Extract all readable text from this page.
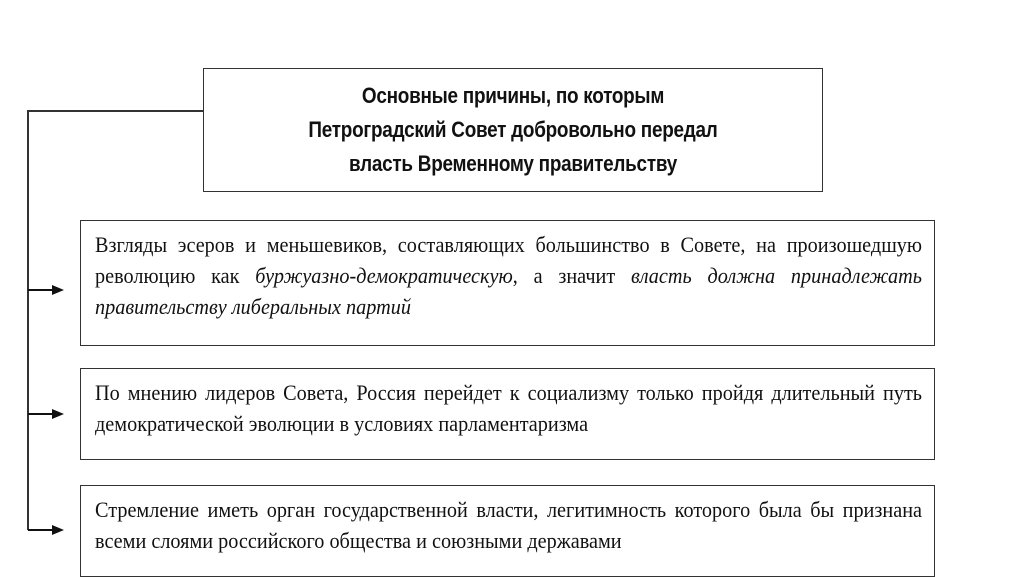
Основные причины, по которым
Петроградский Совет добровольно передал
власть Временному правительству
Взгляды эсеров и меньшевиков, составляющих большинство в Совете, на произошедшую революцию как буржуазно-демократическую, а значит власть должна принадлежать правительству либеральных партий
По мнению лидеров Совета, Россия перейдет к социализму только пройдя длительный путь демократической эволюции в условиях парламентаризма
Стремление иметь орган государственной власти, легитимность которого была бы признана всеми слоями российского общества и союзными державами
